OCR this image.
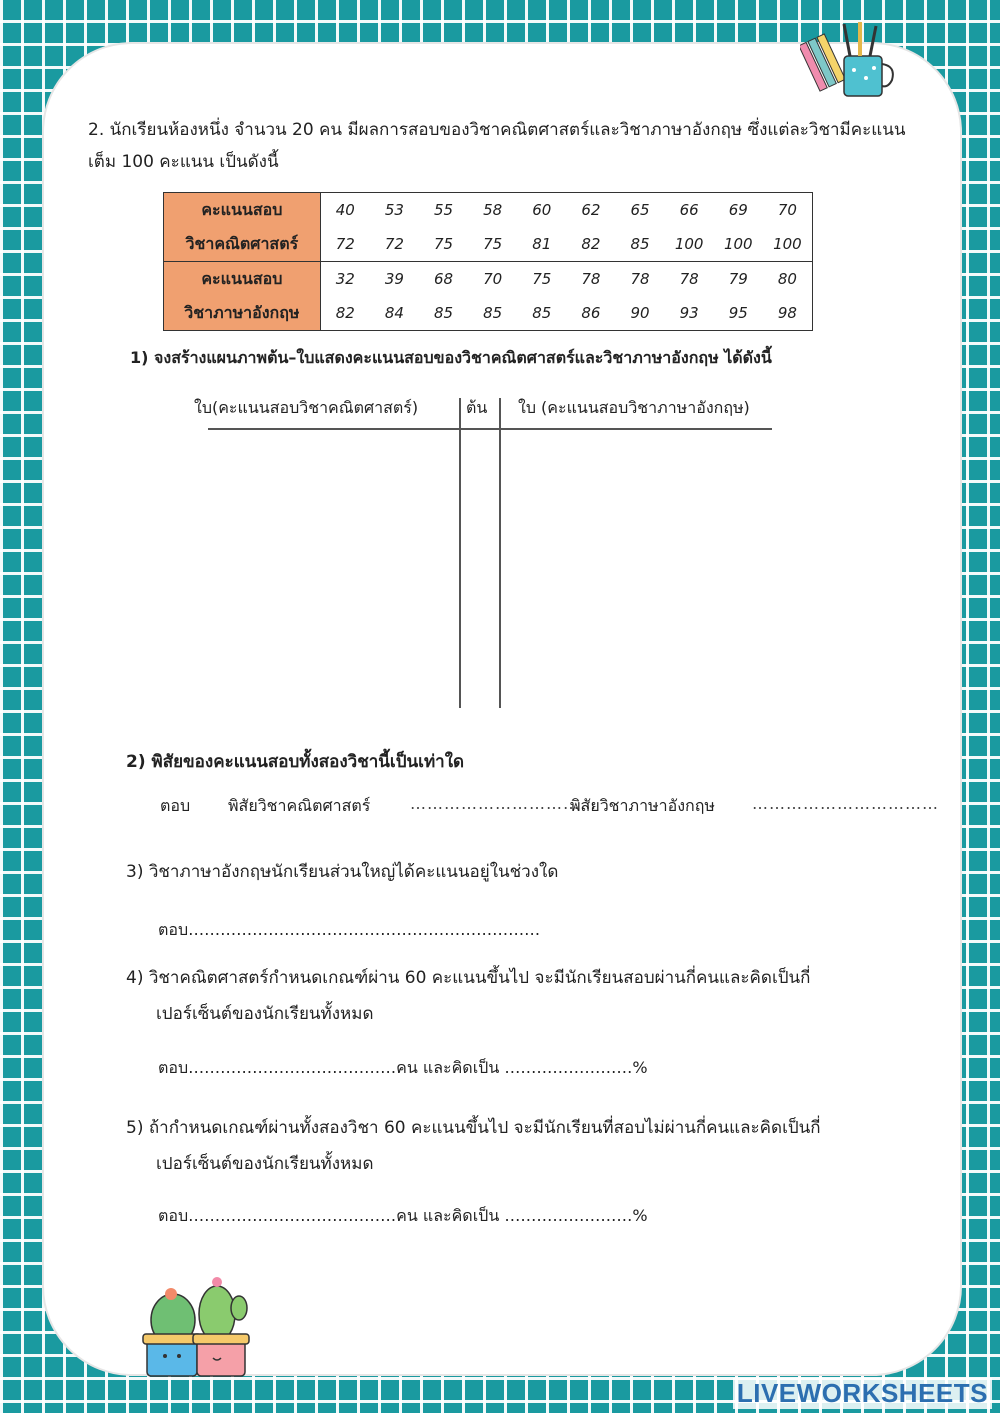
2. นักเรียนห้องหนึ่ง จำนวน 20 คน มีผลการสอบของวิชาคณิตศาสตร์และวิชาภาษาอังกฤษ ซึ่งแต่ละวิชามีคะแนน
เต็ม 100 คะแนน เป็นดังนี้
คะแนนสอบ	40	53	55	58	60	62	65	66	69	70
วิชาคณิตศาสตร์	72	72	75	75	81	82	85	100	100	100
คะแนนสอบ	32	39	68	70	75	78	78	78	79	80
วิชาภาษาอังกฤษ	82	84	85	85	85	86	90	93	95	98
1) จงสร้างแผนภาพต้น–ใบแสดงคะแนนสอบของวิชาคณิตศาสตร์และวิชาภาษาอังกฤษ ได้ดังนี้
ใบ(คะแนนสอบวิชาคณิตศาสตร์)	ต้น ใบ (คะแนนสอบวิชาภาษาอังกฤษ)
2) พิสัยของคะแนนสอบทั้งสองวิชานี้เป็นเท่าใด
ตอบ พิสัยวิชาคณิตศาสตร์ ……………………………
พิสัยวิชาภาษาอังกฤษ ……………………………
3) วิชาภาษาอังกฤษนักเรียนส่วนใหญ่ได้คะแนนอยู่ในช่วงใด
ตอบ…………………………………………………………
4) วิชาคณิตศาสตร์กำหนดเกณฑ์ผ่าน 60 คะแนนขึ้นไป จะมีนักเรียนสอบผ่านกี่คนและคิดเป็นกี่
เปอร์เซ็นต์ของนักเรียนทั้งหมด
ตอบ…………………………………คน และคิดเป็น ……………………%
5) ถ้ากำหนดเกณฑ์ผ่านทั้งสองวิชา 60 คะแนนขึ้นไป จะมีนักเรียนที่สอบไม่ผ่านกี่คนและคิดเป็นกี่
เปอร์เซ็นต์ของนักเรียนทั้งหมด
ตอบ…………………………………คน และคิดเป็น ……………………%
LIVEWORKSHEETS
